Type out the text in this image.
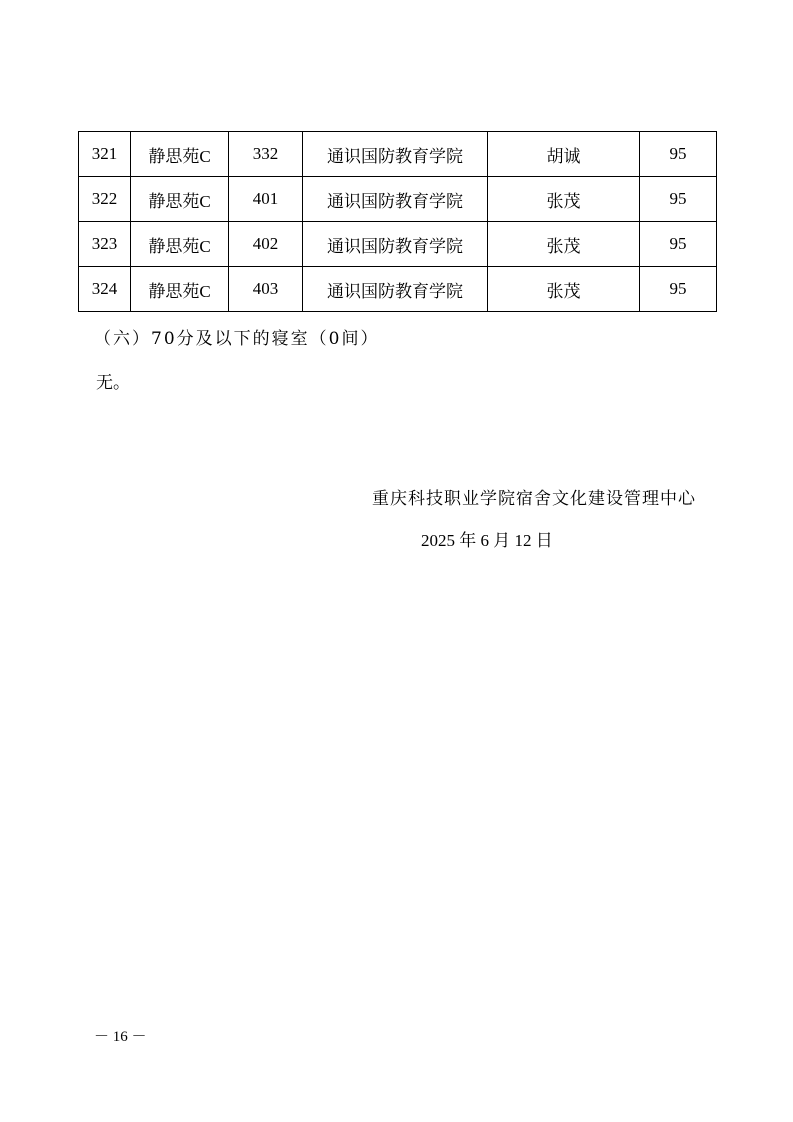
321	静思苑C	332	通识国防教育学院	胡诚	95
322	静思苑C	401	通识国防教育学院	张茂	95
323	静思苑C	402	通识国防教育学院	张茂	95
324	静思苑C	403	通识国防教育学院	张茂	95
（六）70分及以下的寝室（0间）
无。
重庆科技职业学院宿舍文化建设管理中心
2025 年 6 月 12 日
－ 16 －
